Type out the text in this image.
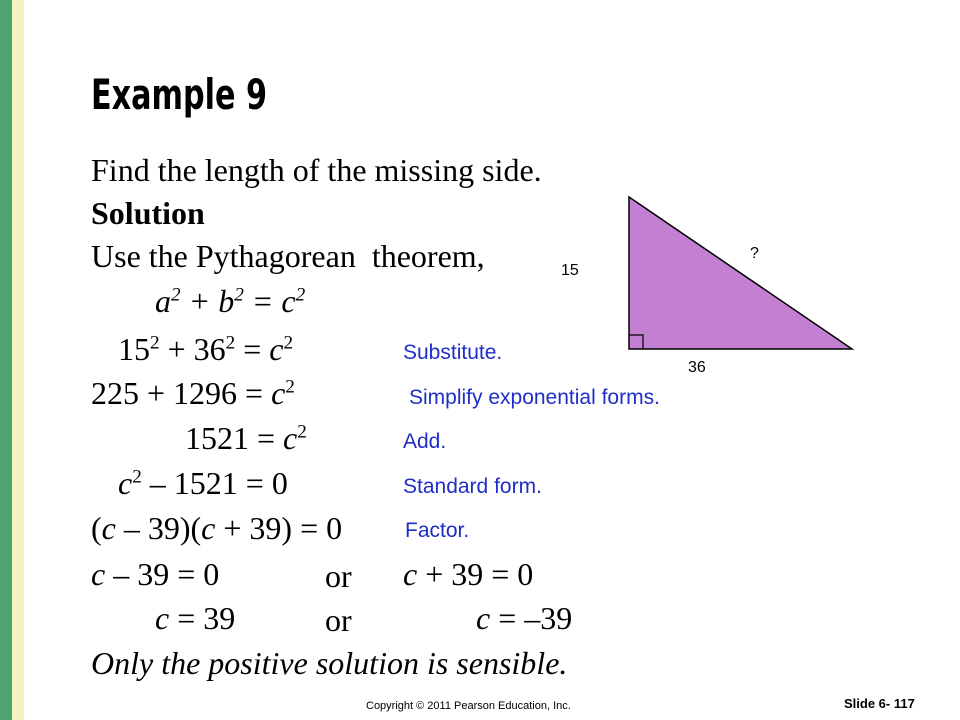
Example 9
Find the length of the missing side.
Solution
Use the Pythagorean  theorem,
$a^2 + b^2 = c^2$
$15^2 + 36^2 = c^2$	Substitute.
$225 + 1296 = c^2$	Simplify exponential forms.
$1521 = c^2$	Add.
$c^2 - 1521 = 0$	Standard form.
(c – 39)(c + 39) = 0	Factor.
c – 39 = 0	or c + 39 = 0
c = 39	or	c = –39
Only the positive solution is sensible.
15
36
?
Copyright © 2011 Pearson Education, Inc.	Slide 6- 117
